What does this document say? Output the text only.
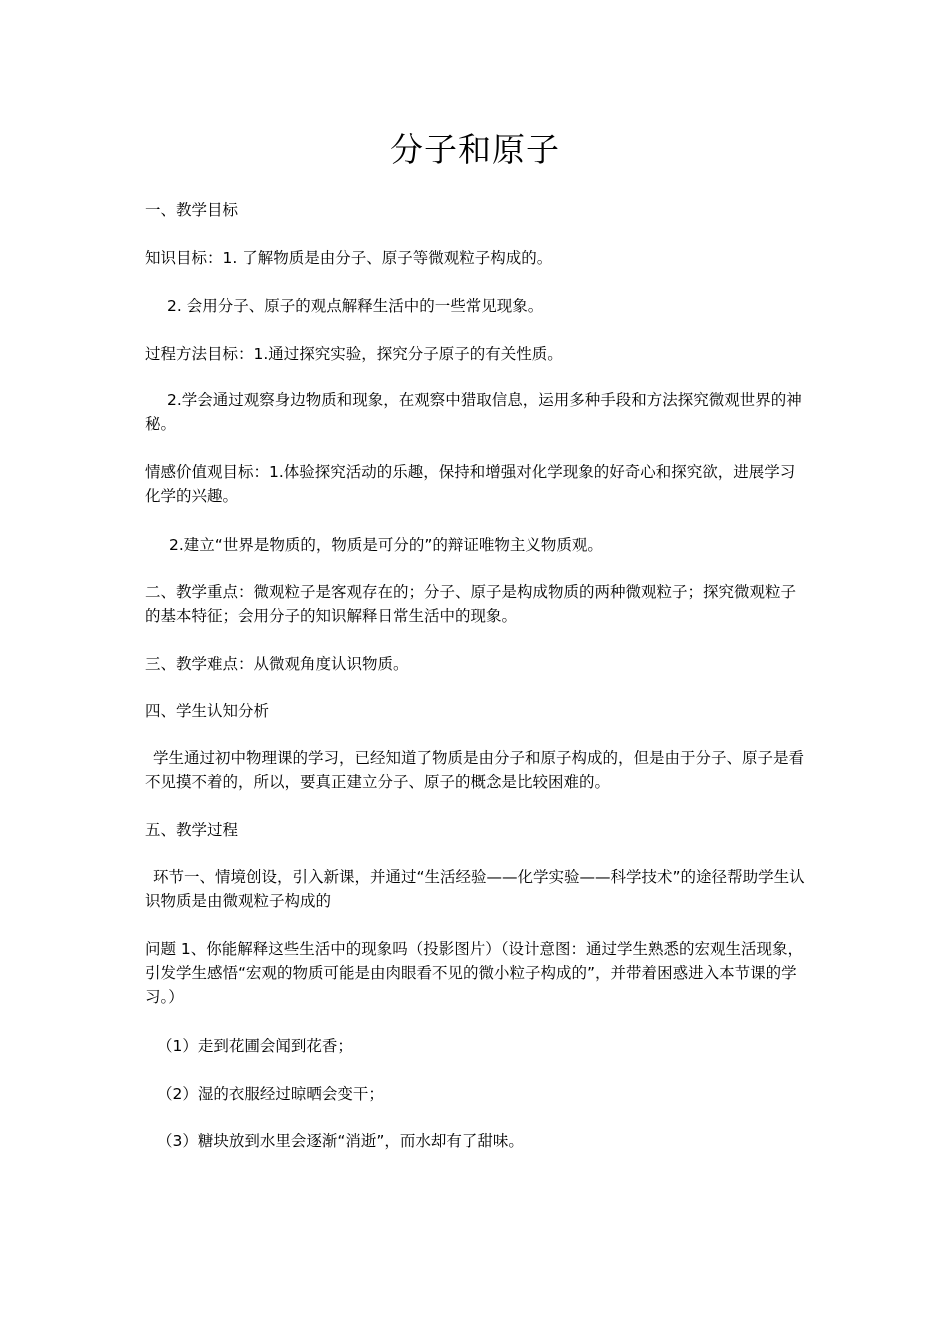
分子和原子
一、教学目标
知识目标：1. 了解物质是由分子、原子等微观粒子构成的。
2. 会用分子、原子的观点解释生活中的一些常见现象。
过程方法目标：1.通过探究实验，探究分子原子的有关性质。
2.学会通过观察身边物质和现象，在观察中猎取信息，运用多种手段和方法探究微观世界的神秘。
情感价值观目标：1.体验探究活动的乐趣，保持和增强对化学现象的好奇心和探究欲，进展学习化学的兴趣。
2.建立“世界是物质的，物质是可分的”的辩证唯物主义物质观。
二、教学重点：微观粒子是客观存在的；分子、原子是构成物质的两种微观粒子；探究微观粒子的基本特征；会用分子的知识解释日常生活中的现象。
三、教学难点：从微观角度认识物质。
四、学生认知分析
学生通过初中物理课的学习，已经知道了物质是由分子和原子构成的，但是由于分子、原子是看不见摸不着的，所以，要真正建立分子、原子的概念是比较困难的。
五、教学过程
环节一、情境创设，引入新课，并通过“生活经验——化学实验——科学技术”的途径帮助学生认识物质是由微观粒子构成的
问题 1、你能解释这些生活中的现象吗（投影图片）（设计意图：通过学生熟悉的宏观生活现象，引发学生感悟“宏观的物质可能是由肉眼看不见的微小粒子构成的”，并带着困惑进入本节课的学习。）
（1）走到花圃会闻到花香；
（2）湿的衣服经过晾晒会变干；
（3）糖块放到水里会逐渐“消逝”，而水却有了甜味。
